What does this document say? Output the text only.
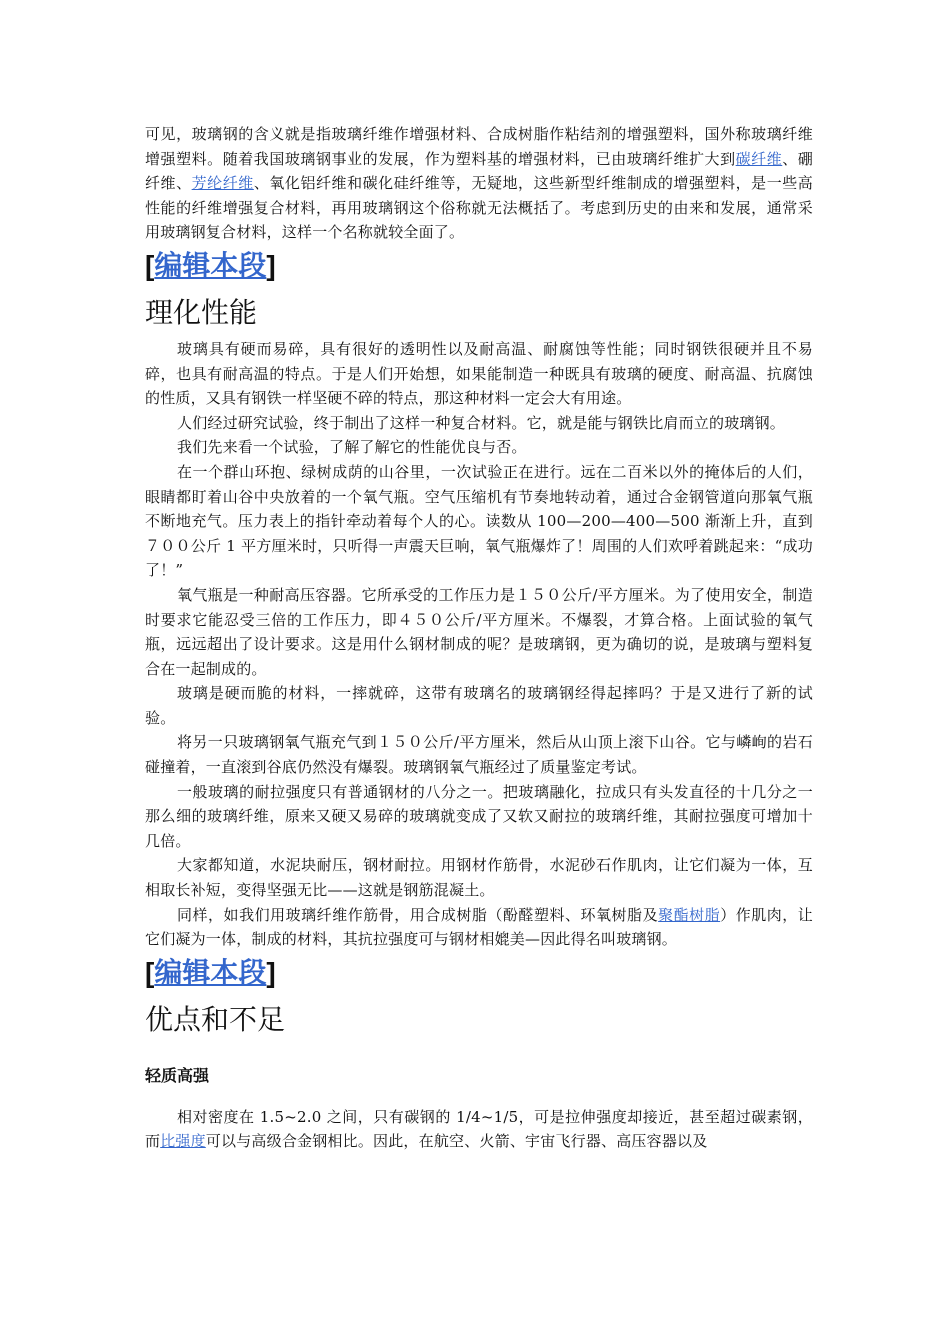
可见，玻璃钢的含义就是指玻璃纤维作增强材料、合成树脂作粘结剂的增强塑料，国外称玻璃纤维增强塑料。随着我国玻璃钢事业的发展，作为塑料基的增强材料，已由玻璃纤维扩大到碳纤维、硼纤维、芳纶纤维、氧化铝纤维和碳化硅纤维等，无疑地，这些新型纤维制成的增强塑料，是一些高性能的纤维增强复合材料，再用玻璃钢这个俗称就无法概括了。考虑到历史的由来和发展，通常采用玻璃钢复合材料，这样一个名称就较全面了。

[编辑本段]
理化性能

玻璃具有硬而易碎，具有很好的透明性以及耐高温、耐腐蚀等性能；同时钢铁很硬并且不易碎，也具有耐高温的特点。于是人们开始想，如果能制造一种既具有玻璃的硬度、耐高温、抗腐蚀的性质，又具有钢铁一样坚硬不碎的特点，那这种材料一定会大有用途。

人们经过研究试验，终于制出了这样一种复合材料。它，就是能与钢铁比肩而立的玻璃钢。

我们先来看一个试验，了解了解它的性能优良与否。

在一个群山环抱、绿树成荫的山谷里，一次试验正在进行。远在二百米以外的掩体后的人们，眼睛都盯着山谷中央放着的一个氧气瓶。空气压缩机有节奏地转动着，通过合金钢管道向那氧气瓶不断地充气。压力表上的指针牵动着每个人的心。读数从 100—200—400—500 渐渐上升，直到７００公斤 1 平方厘米时，只听得一声震天巨响，氧气瓶爆炸了！周围的人们欢呼着跳起来：“成功了！”

氧气瓶是一种耐高压容器。它所承受的工作压力是１５０公斤/平方厘米。为了使用安全，制造时要求它能忍受三倍的工作压力，即４５０公斤/平方厘米。不爆裂，才算合格。上面试验的氧气瓶，远远超出了设计要求。这是用什么钢材制成的呢？是玻璃钢，更为确切的说，是玻璃与塑料复合在一起制成的。

玻璃是硬而脆的材料，一摔就碎，这带有玻璃名的玻璃钢经得起摔吗？于是又进行了新的试验。

将另一只玻璃钢氧气瓶充气到１５０公斤/平方厘米，然后从山顶上滚下山谷。它与嶙峋的岩石碰撞着，一直滚到谷底仍然没有爆裂。玻璃钢氧气瓶经过了质量鉴定考试。

一般玻璃的耐拉强度只有普通钢材的八分之一。把玻璃融化，拉成只有头发直径的十几分之一那么细的玻璃纤维，原来又硬又易碎的玻璃就变成了又软又耐拉的玻璃纤维，其耐拉强度可增加十几倍。

大家都知道，水泥块耐压，钢材耐拉。用钢材作筋骨，水泥砂石作肌肉，让它们凝为一体，互相取长补短，变得坚强无比——这就是钢筋混凝土。

同样，如我们用玻璃纤维作筋骨，用合成树脂（酚醛塑料、环氧树脂及聚酯树脂）作肌肉，让它们凝为一体，制成的材料，其抗拉强度可与钢材相媲美—因此得名叫玻璃钢。

[编辑本段]
优点和不足
轻质高强

相对密度在 1.5~2.0 之间，只有碳钢的 1/4~1/5，可是拉伸强度却接近，甚至超过碳素钢，而比强度可以与高级合金钢相比。因此，在航空、火箭、宇宙飞行器、高压容器以及
